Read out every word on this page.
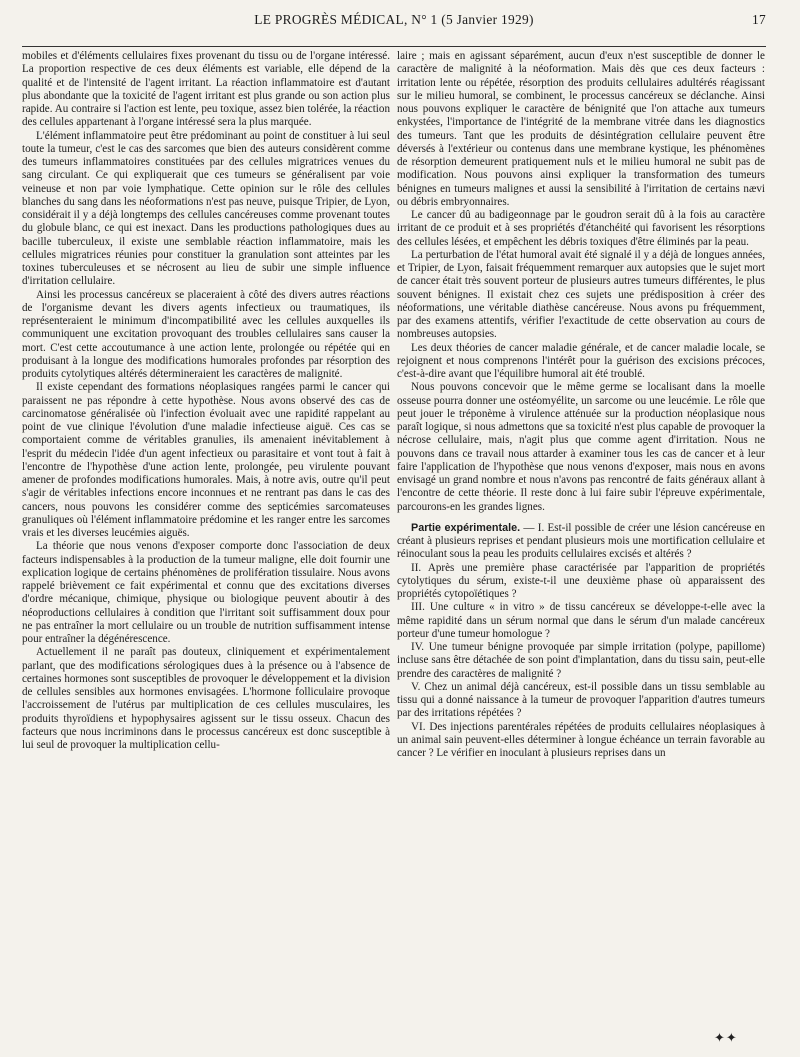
LE PROGRÈS MÉDICAL, N° 1 (5 Janvier 1929)	17

mobiles et d'éléments cellulaires fixes provenant du tissu ou de l'organe intéressé. La proportion respective de ces deux éléments est variable, elle dépend de la qualité et de l'intensité de l'agent irritant. La réaction inflammatoire est d'autant plus abondante que la toxicité de l'agent irritant est plus grande ou son action plus rapide. Au contraire si l'action est lente, peu toxique, assez bien tolérée, la réaction des cellules appartenant à l'organe intéressé sera la plus marquée.

L'élément inflammatoire peut être prédominant au point de constituer à lui seul toute la tumeur, c'est le cas des sarcomes que bien des auteurs considèrent comme des tumeurs inflammatoires constituées par des cellules migratrices venues du sang circulant. Ce qui expliquerait que ces tumeurs se généralisent par voie veineuse et non par voie lymphatique. Cette opinion sur le rôle des cellules blanches du sang dans les néoformations n'est pas neuve, puisque Tripier, de Lyon, considérait il y a déjà longtemps des cellules cancéreuses comme provenant toutes du globule blanc, ce qui est inexact. Dans les productions pathologiques dues au bacille tuberculeux, il existe une semblable réaction inflammatoire, mais les cellules migratrices réunies pour constituer la granulation sont atteintes par les toxines tuberculeuses et se nécrosent au lieu de subir une simple influence d'irritation cellulaire.

Ainsi les processus cancéreux se placeraient à côté des divers autres réactions de l'organisme devant les divers agents infectieux ou traumatiques, ils représenteraient le minimum d'incompatibilité avec les cellules auxquelles ils communiquent une excitation provoquant des troubles cellulaires sans causer la mort. C'est cette accoutumance à une action lente, prolongée ou répétée qui en produisant à la longue des modifications humorales profondes par résorption des produits cytolytiques altérés détermineraient les caractères de malignité.

Il existe cependant des formations néoplasiques rangées parmi le cancer qui paraissent ne pas répondre à cette hypothèse. Nous avons observé des cas de carcinomatose généralisée où l'infection évoluait avec une rapidité rappelant au point de vue clinique l'évolution d'une maladie infectieuse aiguë. Ces cas se comportaient comme de véritables granulies, ils amenaient inévitablement à l'esprit du médecin l'idée d'un agent infectieux ou parasitaire et vont tout à fait à l'encontre de l'hypothèse d'une action lente, prolongée, peu virulente pouvant amener de profondes modifications humorales. Mais, à notre avis, outre qu'il peut s'agir de véritables infections encore inconnues et ne rentrant pas dans le cas des cancers, nous pouvons les considérer comme des septicémies sarcomateuses granuliques où l'élément inflammatoire prédomine et les ranger entre les sarcomes vrais et les diverses leucémies aiguës.

La théorie que nous venons d'exposer comporte donc l'association de deux facteurs indispensables à la production de la tumeur maligne, elle doit fournir une explication logique de certains phénomènes de prolifération tissulaire. Nous avons rappelé brièvement ce fait expérimental et connu que des excitations diverses d'ordre mécanique, chimique, physique ou biologique peuvent aboutir à des néoproductions cellulaires à condition que l'irritant soit suffisamment doux pour ne pas entraîner la mort cellulaire ou un trouble de nutrition suffisamment intense pour entraîner la dégénérescence.

Actuellement il ne paraît pas douteux, cliniquement et expérimentalement parlant, que des modifications sérologiques dues à la présence ou à l'absence de certaines hormones sont susceptibles de provoquer le développement et la division de cellules sensibles aux hormones envisagées. L'hormone folliculaire provoque l'accroissement de l'utérus par multiplication de ces cellules musculaires, les produits thyroïdiens et hypophysaires agissent sur le tissu osseux. Chacun des facteurs que nous incriminons dans le processus cancéreux est donc susceptible à lui seul de provoquer la multiplication cellu-

laire ; mais en agissant séparément, aucun d'eux n'est susceptible de donner le caractère de malignité à la néoformation. Mais dès que ces deux facteurs : irritation lente ou répétée, résorption des produits cellulaires adultérés réagissant sur le milieu humoral, se combinent, le processus cancéreux se déclanche. Ainsi nous pouvons expliquer le caractère de bénignité que l'on attache aux tumeurs enkystées, l'importance de l'intégrité de la membrane vitrée dans les diagnostics des tumeurs. Tant que les produits de désintégration cellulaire peuvent être déversés à l'extérieur ou contenus dans une membrane kystique, les phénomènes de résorption demeurent pratiquement nuls et le milieu humoral ne subit pas de modification. Nous pouvons ainsi expliquer la transformation des tumeurs bénignes en tumeurs malignes et aussi la sensibilité à l'irritation de certains nævi ou débris embryonnaires.

Le cancer dû au badigeonnage par le goudron serait dû à la fois au caractère irritant de ce produit et à ses propriétés d'étanchéité qui favorisent les résorptions des cellules lésées, et empêchent les débris toxiques d'être éliminés par la peau.

La perturbation de l'état humoral avait été signalé il y a déjà de longues années, et Tripier, de Lyon, faisait fréquemment remarquer aux autopsies que le sujet mort de cancer était très souvent porteur de plusieurs autres tumeurs différentes, le plus souvent bénignes. Il existait chez ces sujets une prédisposition à créer des néoformations, une véritable diathèse cancéreuse. Nous avons pu fréquemment, par des examens attentifs, vérifier l'exactitude de cette observation au cours de nombreuses autopsies.

Les deux théories de cancer maladie générale, et de cancer maladie locale, se rejoignent et nous comprenons l'intérêt pour la guérison des excisions précoces, c'est-à-dire avant que l'équilibre humoral ait été troublé.

Nous pouvons concevoir que le même germe se localisant dans la moelle osseuse pourra donner une ostéomyélite, un sarcome ou une leucémie. Le rôle que peut jouer le tréponème à virulence atténuée sur la production néoplasique nous paraît logique, si nous admettons que sa toxicité n'est plus capable de provoquer la nécrose cellulaire, mais, n'agit plus que comme agent d'irritation. Nous ne pouvons dans ce travail nous attarder à examiner tous les cas de cancer et à leur faire l'application de l'hypothèse que nous venons d'exposer, mais nous en avons envisagé un grand nombre et nous n'avons pas rencontré de faits généraux allant à l'encontre de cette théorie. Il reste donc à lui faire subir l'épreuve expérimentale, parcourons-en les grandes lignes.

Partie expérimentale. — I. Est-il possible de créer une lésion cancéreuse en créant à plusieurs reprises et pendant plusieurs mois une mortification cellulaire et réinoculant sous la peau les produits cellulaires excisés et altérés ?

II. Après une première phase caractérisée par l'apparition de propriétés cytolytiques du sérum, existe-t-il une deuxième phase où apparaissent des propriétés cytopoïétiques ?

III. Une culture « in vitro » de tissu cancéreux se développe-t-elle avec la même rapidité dans un sérum normal que dans le sérum d'un malade cancéreux porteur d'une tumeur homologue ?

IV. Une tumeur bénigne provoquée par simple irritation (polype, papillome) incluse sans être détachée de son point d'implantation, dans du tissu sain, peut-elle prendre des caractères de malignité ?

V. Chez un animal déjà cancéreux, est-il possible dans un tissu semblable au tissu qui a donné naissance à la tumeur de provoquer l'apparition d'autres tumeurs par des irritations répétées ?

VI. Des injections parentérales répétées de produits cellulaires néoplasiques à un animal sain peuvent-elles déterminer à longue échéance un terrain favorable au cancer ? Le vérifier en inoculant à plusieurs reprises dans un

✦✦
